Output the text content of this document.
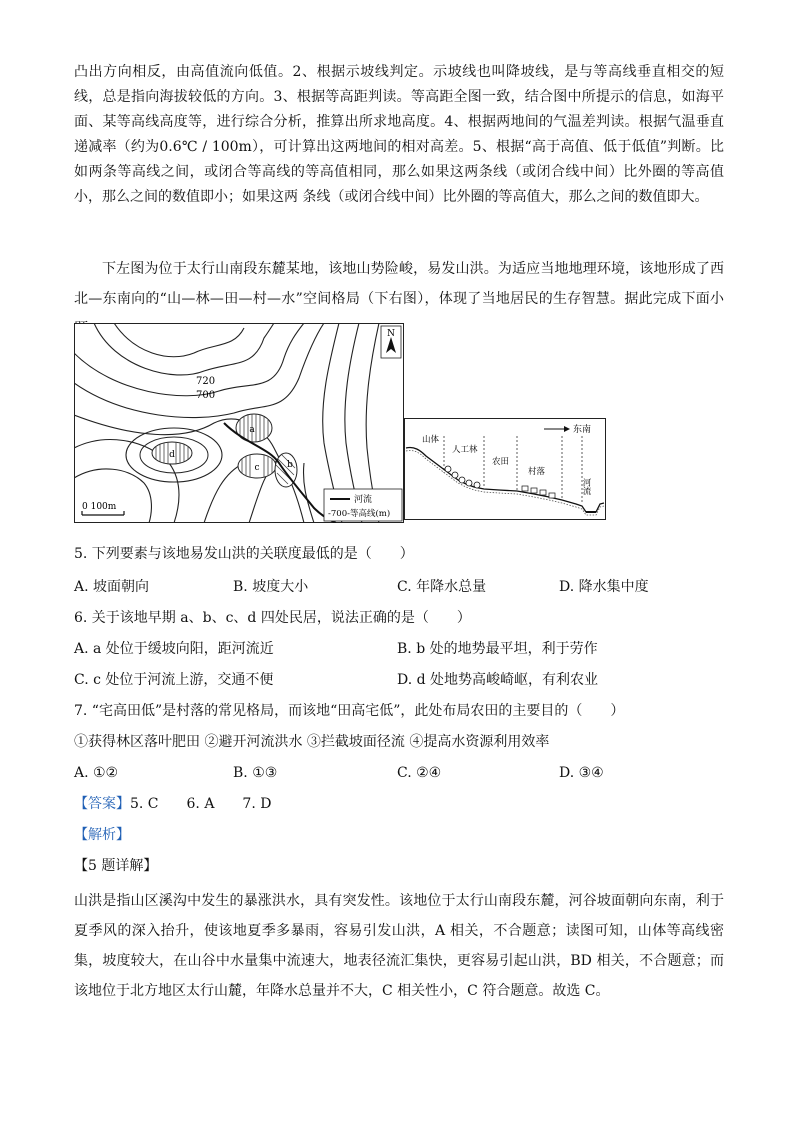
凸出方向相反，由高值流向低值。2、根据示坡线判定。示坡线也叫降坡线，是与等高线垂直相交的短线，总是指向海拔较低的方向。3、根据等高距判读。等高距全图一致，结合图中所提示的信息，如海平面、某等高线高度等，进行综合分析，推算出所求地高度。4、根据两地间的气温差判读。根据气温垂直递减率（约为0.6℃ / 100m），可计算出这两地间的相对高差。5、根据“高于高值、低于低值”判断。比如两条等高线之间，或闭合等高线的等高值相同，那么如果这两条线（或闭合线中间）比外圈的等高值小，那么之间的数值即小；如果这两 条线（或闭合线中间）比外圈的等高值大，那么之间的数值即大。

下左图为位于太行山南段东麓某地，该地山势险峻，易发山洪。为适应当地地理环境，该地形成了西北—东南向的“山—林—田—村—水”空间格局（下右图），体现了当地居民的生存智慧。据此完成下面小

a
b
c
d
720
700
N
0 100m
河流
-700-等高线(m)
东南
山体
人工林
农田
村落
河流
5. 下列要素与该地易发山洪的关联度最低的是（　　）
A. 坡面朝向	B. 坡度大小	C. 年降水总量	D. 降水集中度
6. 关于该地早期 a、b、c、d 四处民居，说法正确的是（　　）
A. a 处位于缓坡向阳，距河流近	B. b 处的地势最平坦，利于劳作
C. c 处位于河流上游，交通不便	D. d 处地势高峻崎岖，有利农业
7. “宅高田低”是村落的常见格局，而该地“田高宅低”，此处布局农田的主要目的（　　）
①获得林区落叶肥田 ②避开河流洪水 ③拦截坡面径流 ④提高水资源利用效率
A. ①②	B. ①③	C. ②④	D. ③④
【答案】5. C　　6. A　　7. D
【解析】
【5 题详解】

山洪是指山区溪沟中发生的暴涨洪水，具有突发性。该地位于太行山南段东麓，河谷坡面朝向东南，利于夏季风的深入抬升，使该地夏季多暴雨，容易引发山洪，A 相关，不合题意；读图可知，山体等高线密集，坡度较大，在山谷中水量集中流速大，地表径流汇集快，更容易引起山洪，BD 相关，不合题意；而该地位于北方地区太行山麓，年降水总量并不大，C 相关性小，C 符合题意。故选 C。
